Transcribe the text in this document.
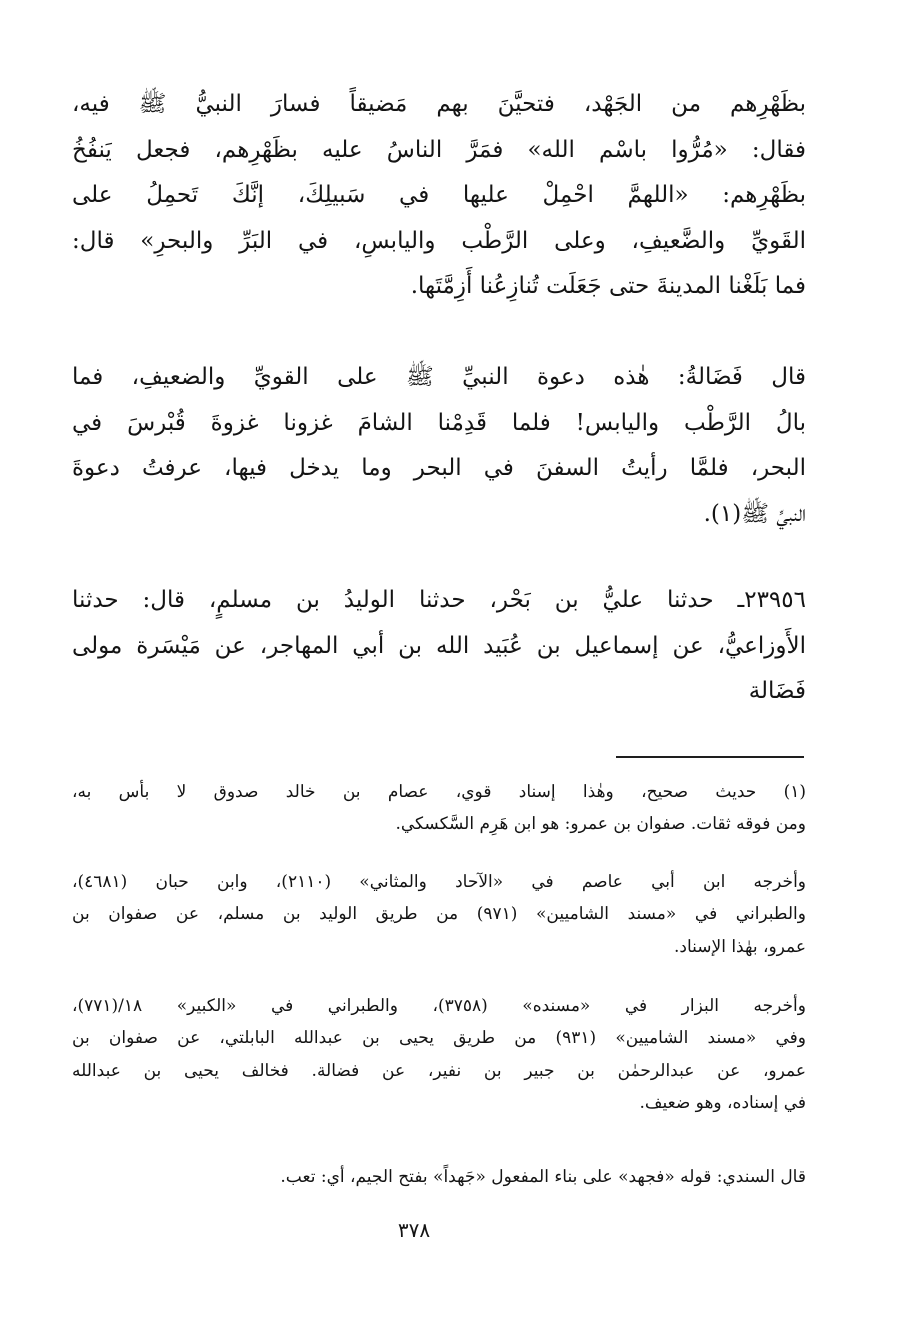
بظَهْرِهم من الجَهْد، فتحيَّنَ بهم مَضيقاً فسارَ النبيُّ ﷺ فيه،
فقال: «مُرُّوا باسْم الله» فمَرَّ الناسُ عليه بظَهْرِهم، فجعل يَنفُخُ
بظَهْرِهم: «اللهمَّ احْمِلْ عليها في سَبيلِكَ، إنَّكَ تَحمِلُ على
القَويِّ والضَّعيفِ، وعلى الرَّطْب واليابسِ، في البَرِّ والبحرِ» قال:
فما بَلَغْنا المدينةَ حتى جَعَلَت تُنازِعُنا أَزِمَّتَها.
قال فَضَالةُ: هٰذه دعوة النبيِّ ﷺ على القويِّ والضعيفِ، فما
بالُ الرَّطْب واليابس! فلما قَدِمْنا الشامَ غزونا غزوةَ قُبْرسَ في
البحر، فلمَّا رأيتُ السفنَ في البحر وما يدخل فيها، عرفتُ دعوةَ
النبيِّ ﷺ(١).
٢٣٩٥٦ـ حدثنا عليُّ بن بَحْر، حدثنا الوليدُ بن مسلمٍ، قال: حدثنا
الأَوزاعيُّ، عن إسماعيل بن عُبَيد الله بن أبي المهاجر، عن مَيْسَرة مولى
فَضَالة
(١) حديث صحيح، وهٰذا إسناد قوي، عصام بن خالد صدوق لا بأس به،
ومن فوقه ثقات. صفوان بن عمرو: هو ابن هَرِم السَّكسكي.
وأخرجه ابن أبي عاصم في «الآحاد والمثاني» (٢١١٠)، وابن حبان (٤٦٨١)،
والطبراني في «مسند الشاميين» (٩٧١) من طريق الوليد بن مسلم، عن صفوان بن
عمرو، بهٰذا الإسناد.
وأخرجه البزار في «مسنده» (٣٧٥٨)، والطبراني في «الكبير» ١٨/(٧٧١)،
وفي «مسند الشاميين» (٩٣١) من طريق يحيى بن عبدالله البابلتي، عن صفوان بن
عمرو، عن عبدالرحمٰن بن جبير بن نفير، عن فضالة. فخالف يحيى بن عبدالله
في إسناده، وهو ضعيف.
قال السندي: قوله «فجهد» على بناء المفعول «جَهداً» بفتح الجيم، أي: تعب.
٣٧٨
